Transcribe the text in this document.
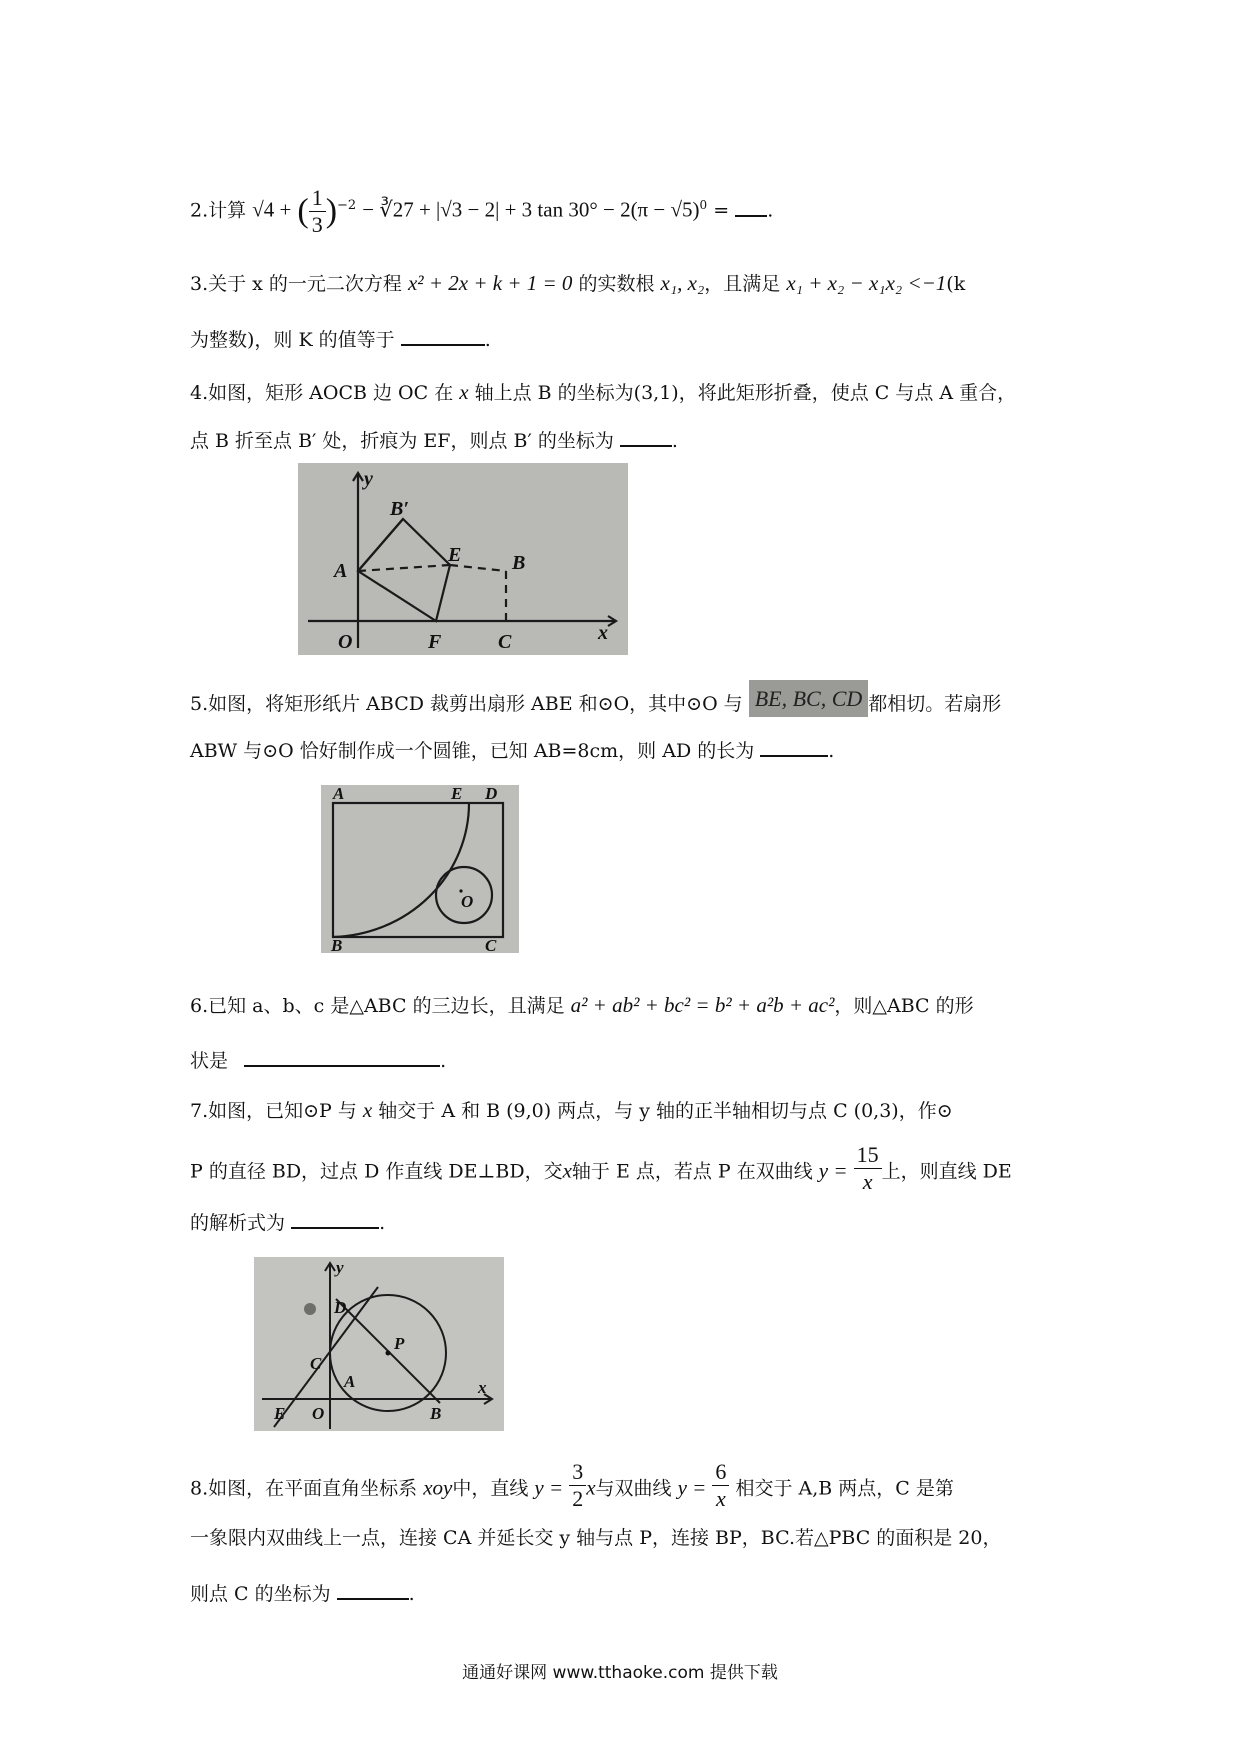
2.计算 √4 + ( $\frac{1}{3} )^{-2}$ − ∛27 + |√3 − 2| + 3 $\tan 30^\circ - 2(\pi - √5)^0$ = .
3.关于 x 的一元二次方程 x² + 2x + k + 1 = 0 的实数根 x₁, x₂，且满足 x₁ + x₂ − x₁x₂ <−1(k
为整数)，则 K 的值等于	.
4.如图，矩形 AOCB 边 OC 在 x 轴上点 B 的坐标为(3,1)，将此矩形折叠，使点 C 与点 A 重合，
点 B 折至点 B′ 处，折痕为 EF，则点 B′ 的坐标为	.
y
x
O
A
B′
E	B
F	C
5.如图，将矩形纸片 ABCD 裁剪出扇形 ABE 和⊙O，其中⊙O 与 BE, BC, CD 都相切。若扇形
ABW 与⊙O 恰好制作成一个圆锥，已知 AB=8cm，则 AD 的长为	.
A	E D
O
B	C
6.已知 a、b、c 是△ABC 的三边长，且满足 a² + ab² + bc² = b² + a²b + ac²，则△ABC 的形
状是	.
7.如图，已知⊙P 与 x 轴交于 A 和 B (9,0) 两点，与 y 轴的正半轴相切与点 C (0,3)，作⊙
P 的直径 BD，过点 D 作直线 DE⊥BD，交x轴于 E 点，若点 P 在双曲线 $y = \frac{15}{x}$ 上，则直线 DE
的解析式为	.
y
x
D
P
C
A
E O	B
8.如图，在平面直角坐标系 xoy中，直线 $y = \frac{3}{2}$ x与双曲线 $y = \frac{6}{x}$ 相交于 A,B 两点，C 是第
一象限内双曲线上一点，连接 CA 并延长交 y 轴与点 P，连接 BP，BC.若△PBC 的面积是 20，
则点 C 的坐标为	.
通通好课网 www.tthaoke.com 提供下载
